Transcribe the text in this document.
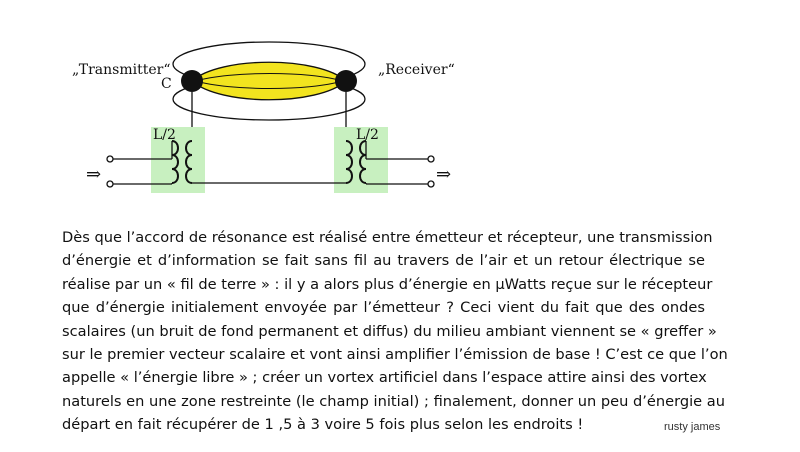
„Transmitter“	„Receiver“
C
L/2	L/2
⇒	⇒
Dès que l’accord de résonance est réalisé entre émetteur et récepteur, une transmission
d’énergie et d’information se fait sans fil au travers de l’air et un retour électrique se
réalise par un « fil de terre » : il y a alors plus d’énergie en µWatts reçue sur le récepteur
que d’énergie initialement envoyée par l’émetteur ? Ceci vient du fait que des ondes
scalaires (un bruit de fond permanent et diffus) du milieu ambiant viennent se « greffer »
sur le premier vecteur scalaire et vont ainsi amplifier l’émission de base ! C’est ce que l’on
appelle « l’énergie libre » ; créer un vortex artificiel dans l’espace attire ainsi des vortex
naturels en une zone restreinte (le champ initial) ; finalement, donner un peu d’énergie au
départ en fait récupérer de 1 ,5 à 3 voire 5 fois plus selon les endroits !	rusty james
